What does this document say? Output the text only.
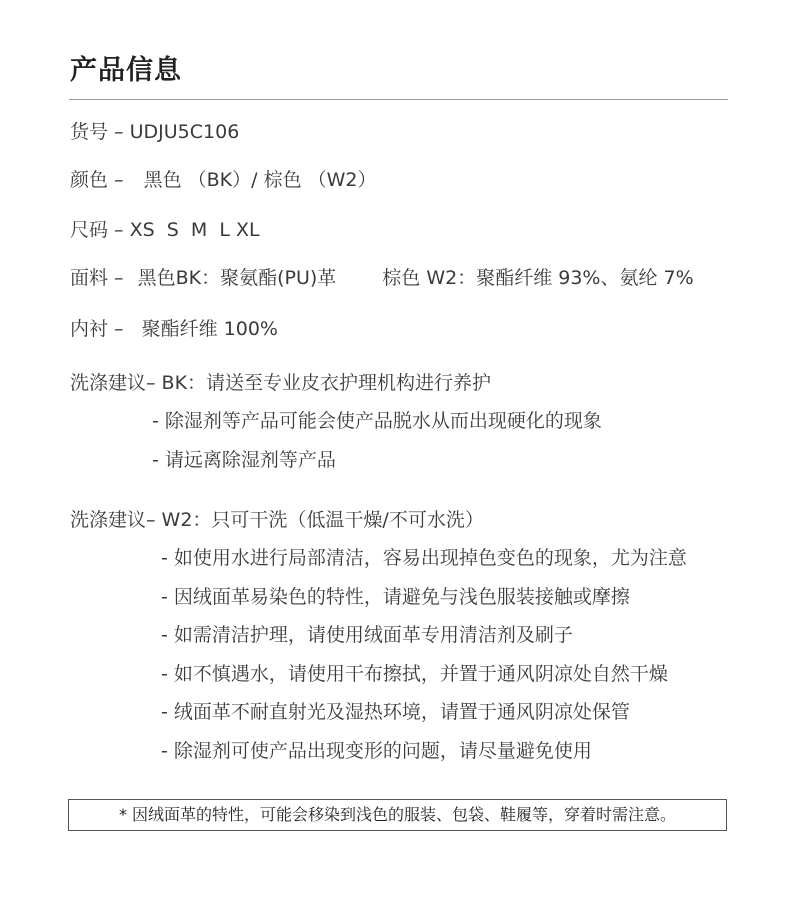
产品信息
货号 – UDJU5C106
颜色 – 黑色 （BK）/ 棕色 （W2）
尺码 – XS  S  M  L XL
面料 – 黑色BK：聚氨酯(PU)革 棕色 W2：聚酯纤维 93%、氨纶 7%
内衬 – 聚酯纤维 100%
洗涤建议– BK：请送至专业皮衣护理机构进行养护
- 除湿剂等产品可能会使产品脱水从而出现硬化的现象
- 请远离除湿剂等产品
洗涤建议– W2：只可干洗（低温干燥/不可水洗）
- 如使用水进行局部清洁，容易出现掉色变色的现象，尤为注意
- 因绒面革易染色的特性，请避免与浅色服装接触或摩擦
- 如需清洁护理，请使用绒面革专用清洁剂及刷子
- 如不慎遇水，请使用干布擦拭，并置于通风阴凉处自然干燥
- 绒面革不耐直射光及湿热环境，请置于通风阴凉处保管
- 除湿剂可使产品出现变形的问题，请尽量避免使用
* 因绒面革的特性，可能会移染到浅色的服装、包袋、鞋履等，穿着时需注意。
